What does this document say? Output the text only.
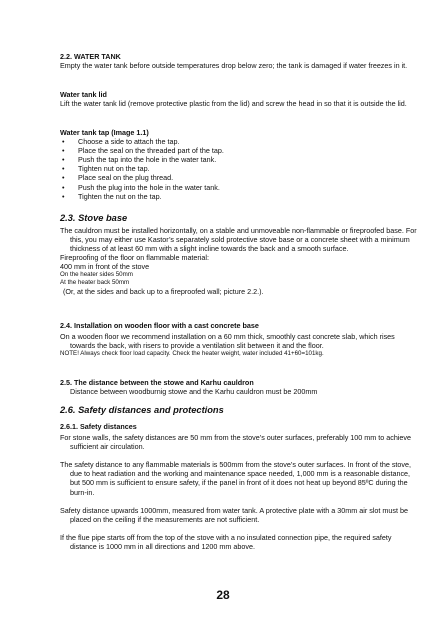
2.2. WATER TANK

Empty the water tank before outside temperatures drop below zero; the tank is damaged if water freezes in it.

Water tank lid

Lift the water tank lid (remove protective plastic from the lid) and screw the head in so that it is outside the lid.

Water tank tap (Image 1.1)

• Choose a side to attach the tap.
• Place the seal on the threaded part of the tap.
• Push the tap into the hole in the water tank.
• Tighten nut on the tap.
• Place seal on the plug thread.
• Push the plug into the hole in the water tank.
• Tighten the nut on the tap.

2.3. Stove base

The cauldron must be installed horizontally, on a stable and unmoveable non-flammable or fireproofed base. For this, you may either use Kastor’s separately sold protective stove base or a concrete sheet with a minimum thickness of at least 60 mm with a slight incline towards the back and a smooth surface.

Fireproofing of the floor on flammable material:

400 mm in front of the stove

On the heater sides 50mm

At the heater back 50mm

(Or, at the sides and back up to a fireproofed wall; picture 2.2.).

2.4. Installation on wooden floor with a cast concrete base

On a wooden floor we recommend installation on a 60 mm thick, smoothly cast concrete slab, which rises towards the back, with risers to provide a ventilation slit between it and the floor.

NOTE! Always check floor load capacity. Check the heater weight, water included 41+60=101kg.

2.5. The distance between the stowe and Karhu cauldron

Distance between woodburnig stowe and the Karhu cauldron must be 200mm

2.6. Safety distances and protections

2.6.1. Safety distances

For stone walls, the safety distances are 50 mm from the stove’s outer surfaces, preferably 100 mm to achieve sufficient air circulation.

The safety distance to any flammable materials is 500mm from the stove’s outer surfaces. In front of the stove, due to heat radiation and the working and maintenance space needed, 1,000 mm is a reasonable distance, but 500 mm is sufficient to ensure safety, if the panel in front of it does not heat up beyond 85ºC during the burn-in.

Safety distance upwards 1000mm, measured from water tank. A protective plate with a 30mm air slot must be placed on the ceiling if the measurements are not sufficient.

If the flue pipe starts off from the top of the stove with a no insulated connection pipe, the required safety distance is 1000 mm in all directions and 1200 mm above.

28
